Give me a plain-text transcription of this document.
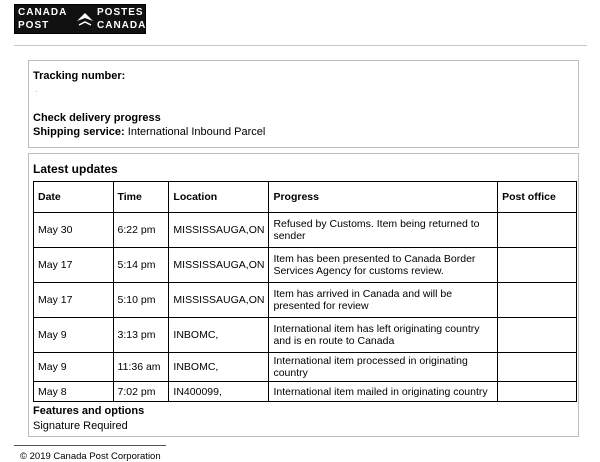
CANADA
POST
POSTES
CANADA
Tracking number:
·
Check delivery progress
Shipping service: International Inbound Parcel
Latest updates
Date	Time	Location	Progress	Post office
May 30	6:22 pm	MISSISSAUGA,ON	Refused by Customs. Item being returned to sender	
May 17	5:14 pm	MISSISSAUGA,ON	Item has been presented to Canada Border Services Agency for customs review.	
May 17	5:10 pm	MISSISSAUGA,ON	Item has arrived in Canada and will be presented for review	
May 9	3:13 pm	INBOMC,	International item has left originating country and is en route to Canada	
May 9	11:36 am	INBOMC,	International item processed in originating country	
May 8	7:02 pm	IN400099,	International item mailed in originating country	
Features and options
Signature Required
© 2019 Canada Post Corporation
